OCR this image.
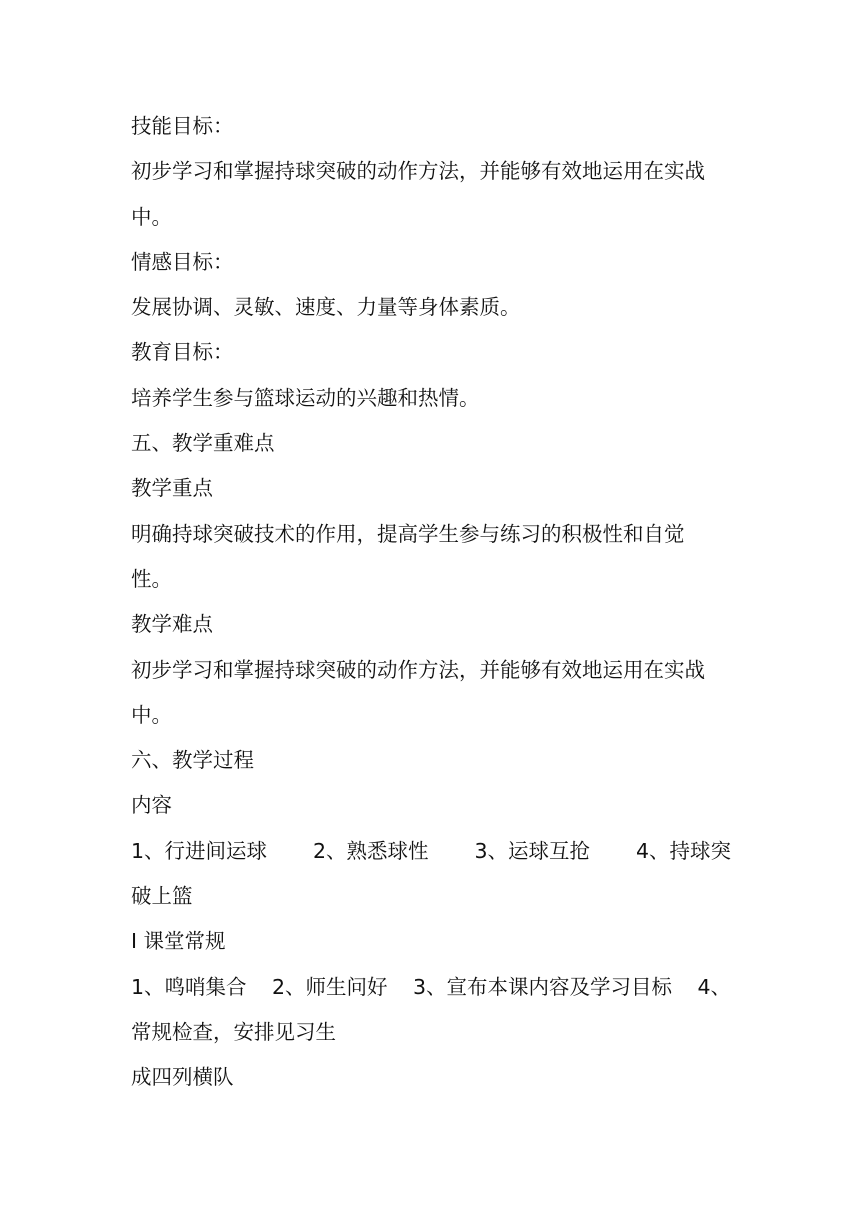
技能目标：
初步学习和掌握持球突破的动作方法，并能够有效地运用在实战
中。
情感目标：
发展协调、灵敏、速度、力量等身体素质。
教育目标：
培养学生参与篮球运动的兴趣和热情。
五、教学重难点
教学重点
明确持球突破技术的作用，提高学生参与练习的积极性和自觉
性。
教学难点
初步学习和掌握持球突破的动作方法，并能够有效地运用在实战
中。
六、教学过程
内容
1、行进间运球 2、熟悉球性 3、运球互抢 4、持球突
破上篮
Ⅰ 课堂常规
1、鸣哨集合 2、师生问好 3、宣布本课内容及学习目标 4、
常规检查，安排见习生
成四列横队
